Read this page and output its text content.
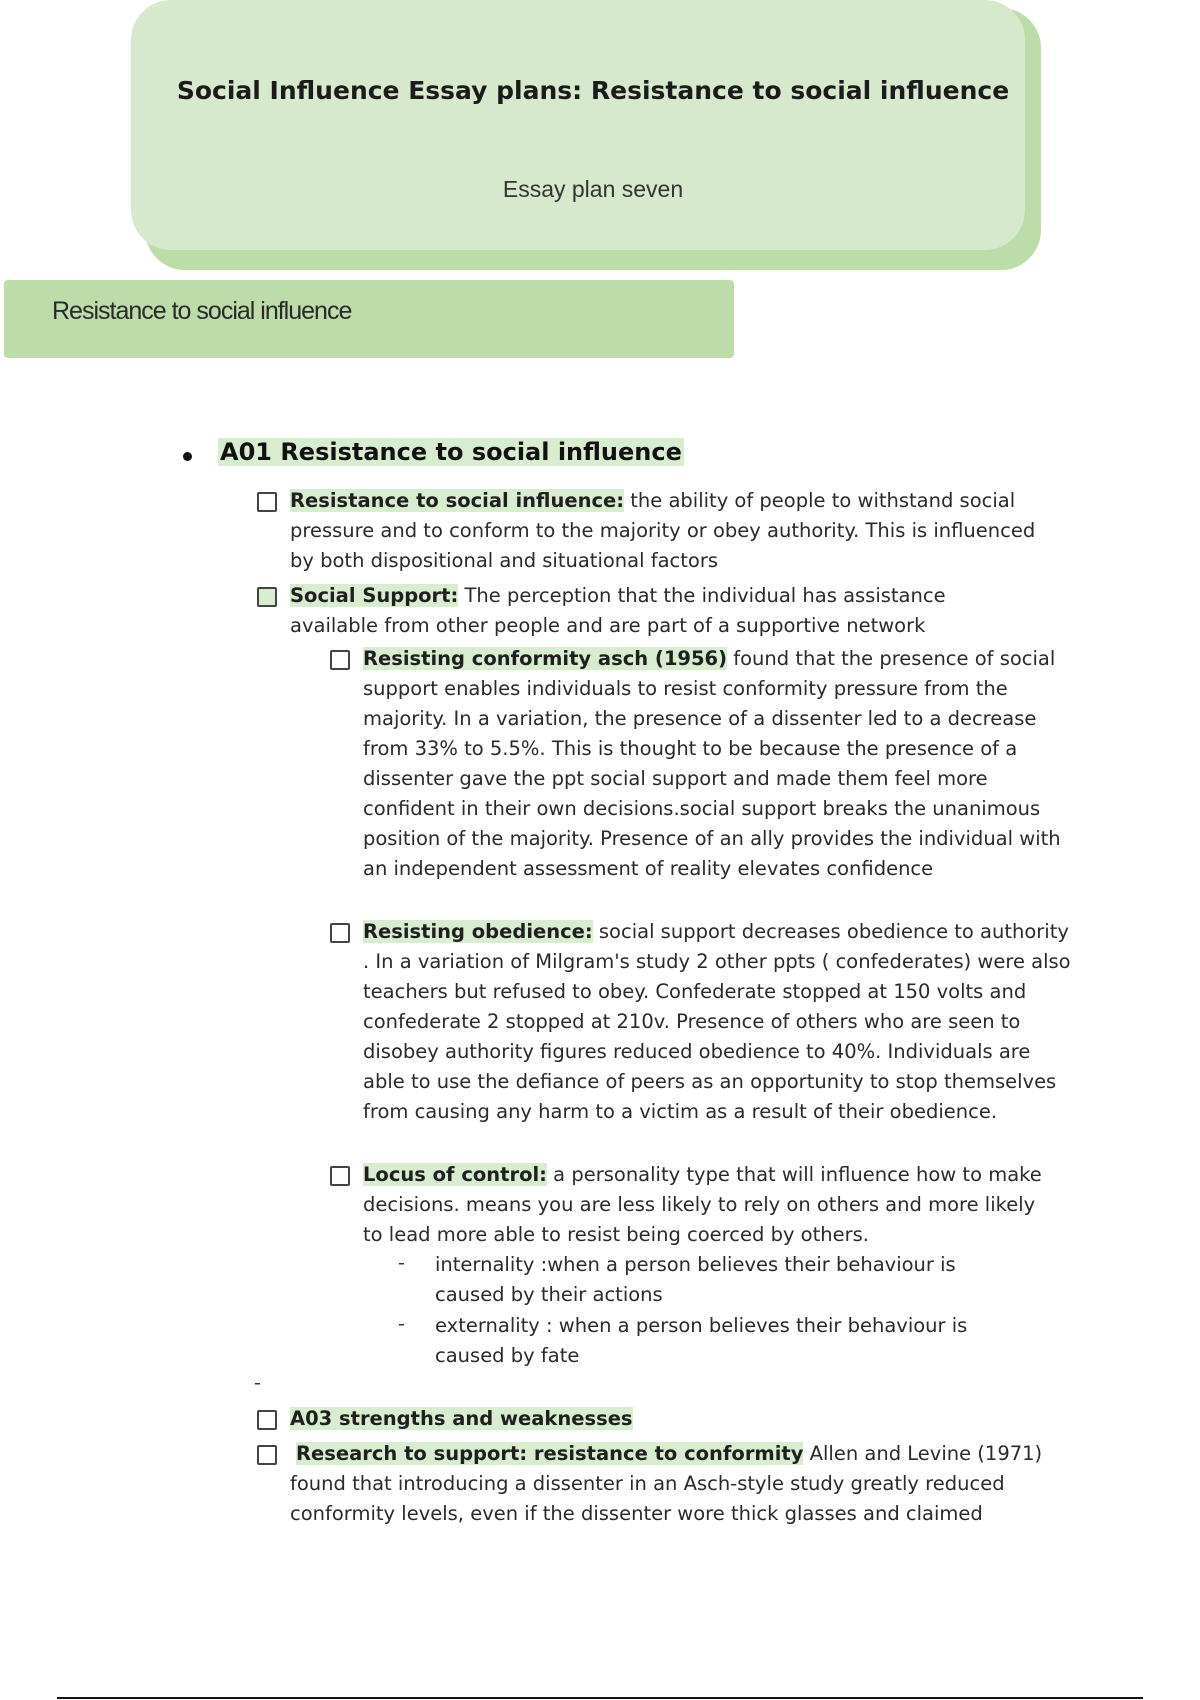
Social Influence Essay plans: Resistance to social influence
Essay plan seven
Resistance to social influence
A01 Resistance to social influence
Resistance to social influence: the ability of people to withstand social pressure and to conform to the majority or obey authority. This is influenced by both dispositional and situational factors
Social Support: The perception that the individual has assistance available from other people and are part of a supportive network
Resisting conformity asch (1956) found that the presence of social support enables individuals to resist conformity pressure from the majority. In a variation, the presence of a dissenter led to a decrease from 33% to 5.5%. This is thought to be because the presence of a dissenter gave the ppt social support and made them feel more confident in their own decisions.social support breaks the unanimous position of the majority. Presence of an ally provides the individual with an independent assessment of reality elevates confidence
Resisting obedience: social support decreases obedience to authority . In a variation of Milgram's study 2 other ppts ( confederates) were also teachers but refused to obey. Confederate stopped at 150 volts and confederate 2 stopped at 210v. Presence of others who are seen to disobey authority figures reduced obedience to 40%. Individuals are able to use the defiance of peers as an opportunity to stop themselves from causing any harm to a victim as a result of their obedience.
Locus of control: a personality type that will influence how to make decisions. means you are less likely to rely on others and more likely to lead more able to resist being coerced by others.
- internality :when a person believes their behaviour is caused by their actions
- externality : when a person believes their behaviour is caused by fate
-
A03 strengths and weaknesses
Research to support: resistance to conformity Allen and Levine (1971) found that introducing a dissenter in an Asch-style study greatly reduced conformity levels, even if the dissenter wore thick glasses and claimed
